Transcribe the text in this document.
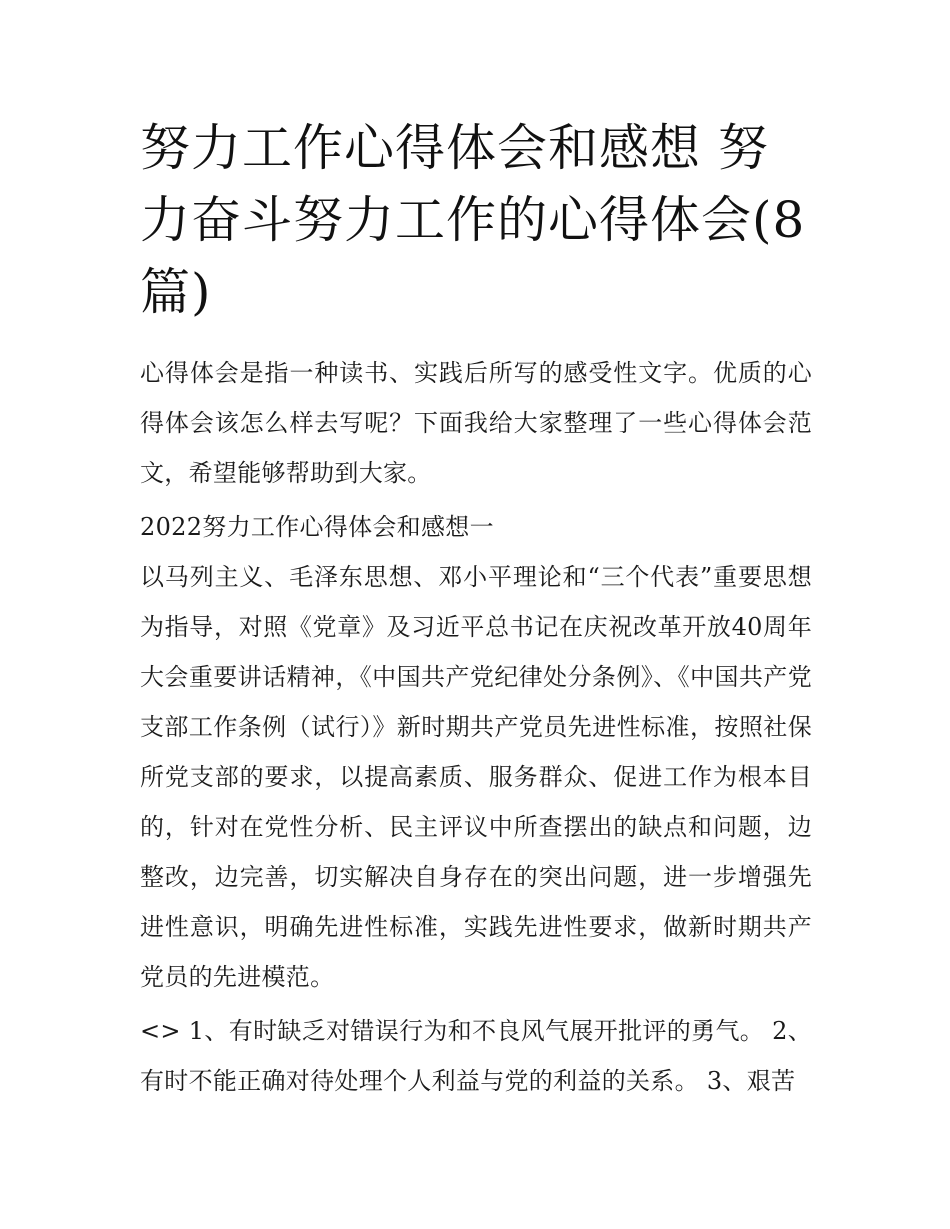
努力工作心得体会和感想 努力奋斗努力工作的心得体会(8篇)

心得体会是指一种读书、实践后所写的感受性文字。优质的心得体会该怎么样去写呢？下面我给大家整理了一些心得体会范文，希望能够帮助到大家。

2022努力工作心得体会和感想一

以马列主义、毛泽东思想、邓小平理论和“三个代表”重要思想为指导，对照《党章》及习近平总书记在庆祝改革开放40周年大会重要讲话精神，《中国共产党纪律处分条例》、《中国共产党支部工作条例（试行）》新时期共产党员先进性标准，按照社保所党支部的要求，以提高素质、服务群众、促进工作为根本目的，针对在党性分析、民主评议中所查摆出的缺点和问题，边整改，边完善，切实解决自身存在的突出问题，进一步增强先进性意识，明确先进性标准，实践先进性要求，做新时期共产党员的先进模范。

<> 1、有时缺乏对错误行为和不良风气展开批评的勇气。 2、有时不能正确对待处理个人利益与党的利益的关系。 3、艰苦
